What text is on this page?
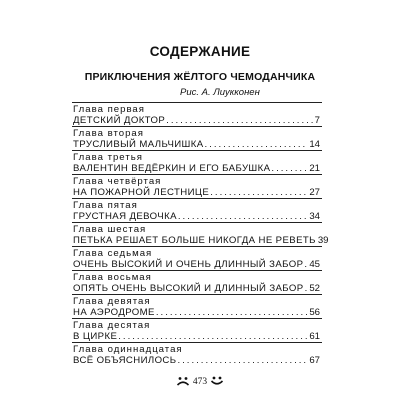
СОДЕРЖАНИЕ
ПРИКЛЮЧЕНИЯ ЖЁЛТОГО ЧЕМОДАНЧИКА
Рис. А. Лиукконен
Глава первая
ДЕТСКИЙ ДОКТОР .....	7
Глава вторая
ТРУСЛИВЫЙ МАЛЬЧИШКА .....	14
Глава третья
ВАЛЕНТИН ВЕДЁРКИН И ЕГО БАБУШКА .....	21
Глава четвёртая
НА ПОЖАРНОЙ ЛЕСТНИЦЕ .....	27
Глава пятая
ГРУСТНАЯ ДЕВОЧКА .....	34
Глава шестая
ПЕТЬКА РЕШАЕТ БОЛЬШЕ НИКОГДА НЕ РЕВЕТЬ 39
Глава седьмая
ОЧЕНЬ ВЫСОКИЙ И ОЧЕНЬ ДЛИННЫЙ ЗАБОР ..... 45
Глава восьмая
ОПЯТЬ ОЧЕНЬ ВЫСОКИЙ И ДЛИННЫЙ ЗАБОР ..... 52
Глава девятая
НА АЭРОДРОМЕ .....	56
Глава десятая
В ЦИРКЕ .....	61
Глава одиннадцатая
ВСЁ ОБЪЯСНИЛОСЬ .....	67
473
